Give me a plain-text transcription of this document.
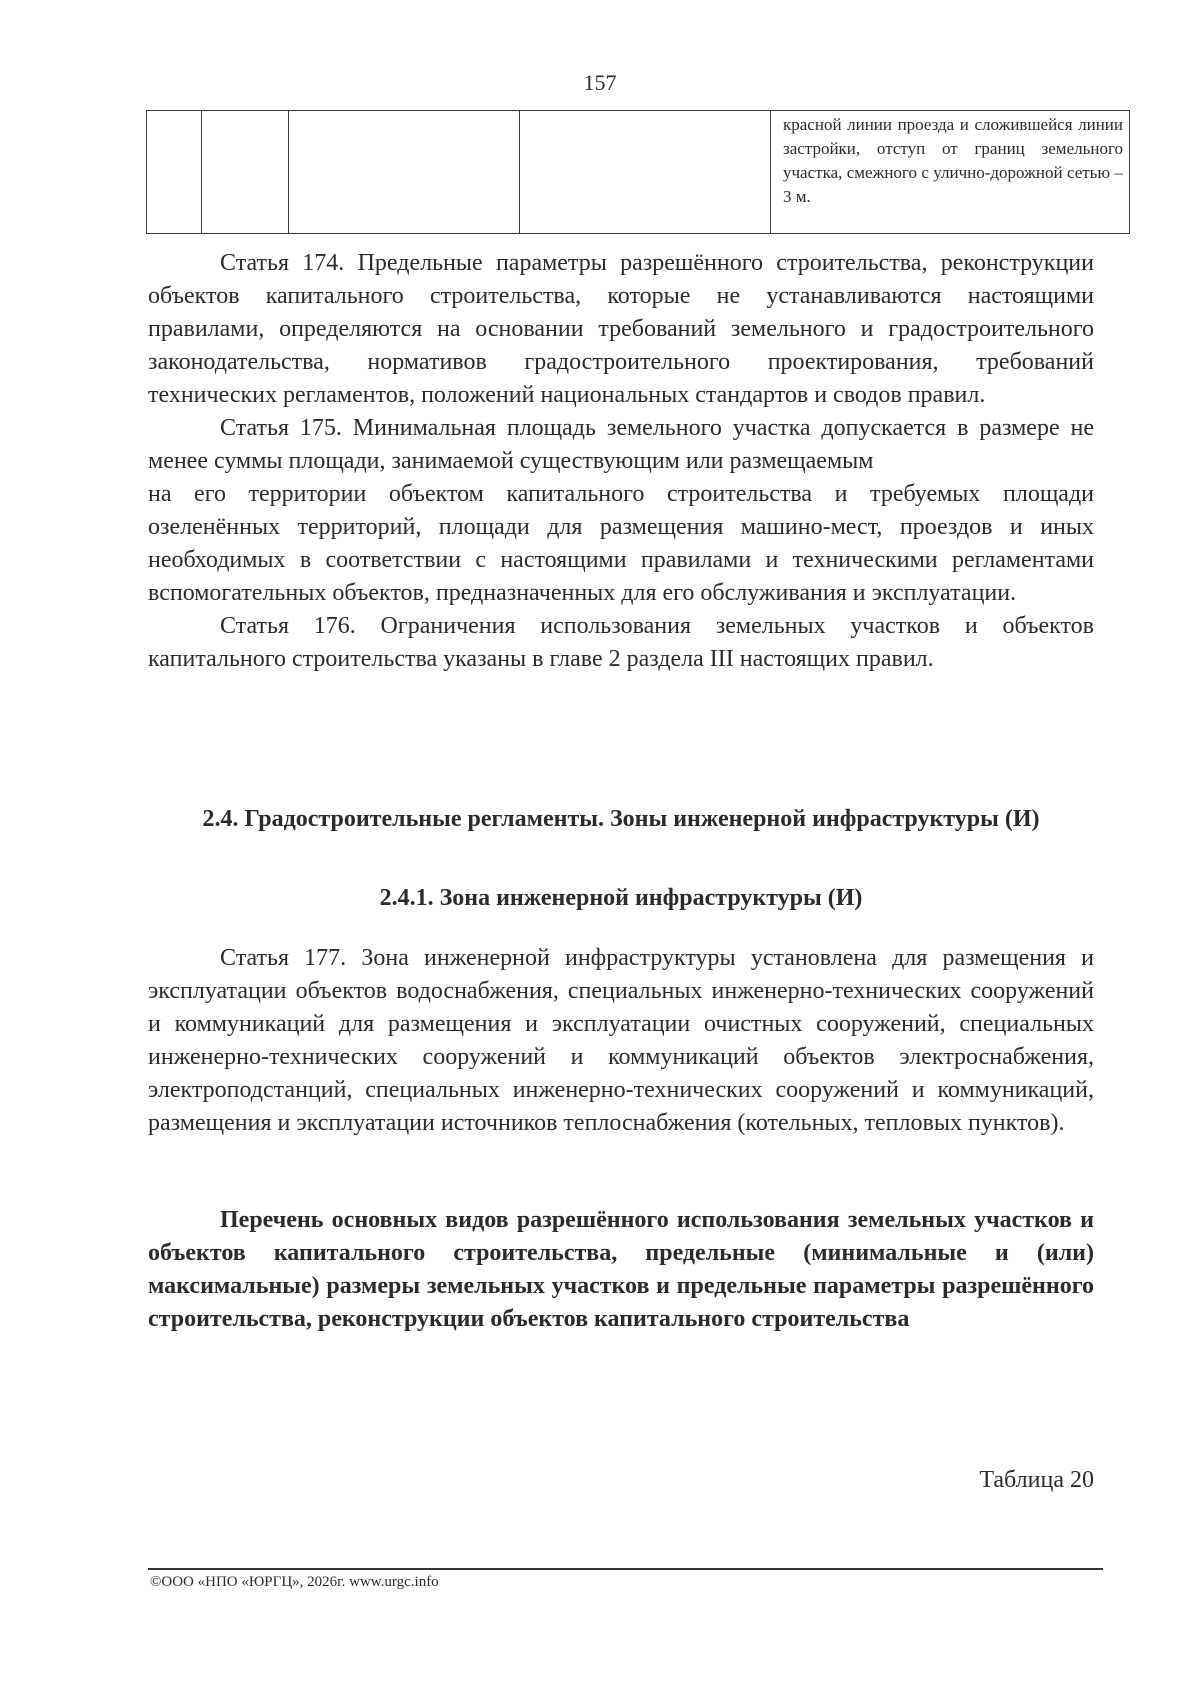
157
				красной линии проезда и сложившейся линии застройки, отступ от границ земельного участка, смежного с улично-дорожной сетью – 3 м.

Статья 174. Предельные параметры разрешённого строительства, реконструкции объектов капитального строительства, которые не устанавливаются настоящими правилами, определяются на основании требований земельного и градостроительного законодательства, нормативов градостроительного проектирования, требований технических регламентов, положений национальных стандартов и сводов правил.

Статья 175. Минимальная площадь земельного участка допускается в размере не менее суммы площади, занимаемой существующим или размещаемым
на его территории объектом капитального строительства и требуемых площади озеленённых территорий, площади для размещения машино-мест, проездов и иных необходимых в соответствии с настоящими правилами и техническими регламентами вспомогательных объектов, предназначенных для его обслуживания и эксплуатации.

Статья 176. Ограничения использования земельных участков и объектов капитального строительства указаны в главе 2 раздела III настоящих правил.

2.4. Градостроительные регламенты. Зоны инженерной инфраструктуры (И)
2.4.1. Зона инженерной инфраструктуры (И)

Статья 177. Зона инженерной инфраструктуры установлена для размещения и эксплуатации объектов водоснабжения, специальных инженерно-технических сооружений и коммуникаций для размещения и эксплуатации очистных сооружений, специальных инженерно-технических сооружений и коммуникаций объектов электроснабжения, электроподстанций, специальных инженерно-технических сооружений и коммуникаций, размещения и эксплуатации источников теплоснабжения (котельных, тепловых пунктов).

Перечень основных видов разрешённого использования земельных участков и объектов капитального строительства, предельные (минимальные и (или) максимальные) размеры земельных участков и предельные параметры разрешённого строительства, реконструкции объектов капитального строительства
Таблица 20
©ООО «НПО «ЮРГЦ», 2026г. www.urgc.info
